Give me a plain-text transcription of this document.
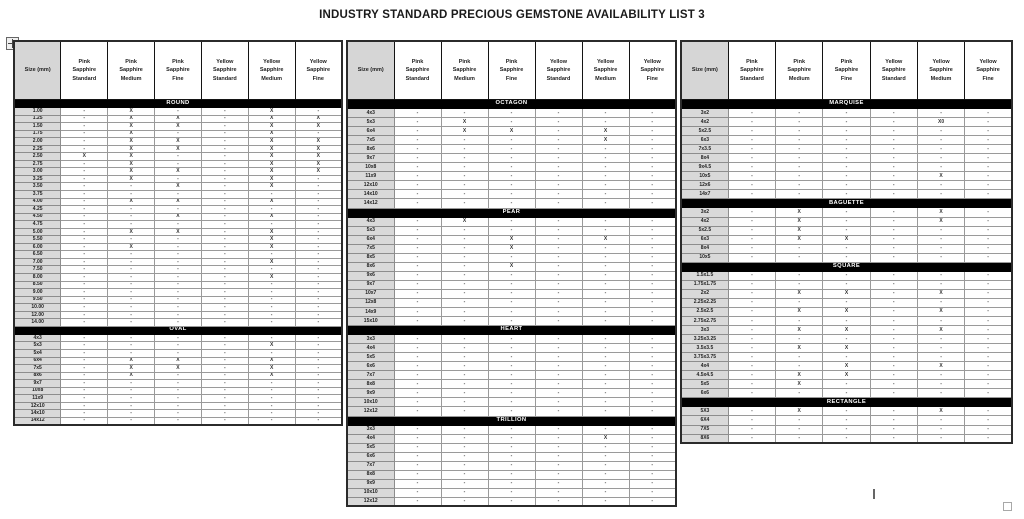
INDUSTRY STANDARD PRECIOUS GEMSTONE AVAILABILITY LIST 3
Size (mm)	Pink
Sapphire
Standard	Pink
Sapphire
Medium	Pink
Sapphire
Fine	Yellow
Sapphire
Standard	Yellow
Sapphire
Medium	Yellow
Sapphire
Fine
ROUND						
1.00	-	X	-	-	X	-
1.25	-	X	X	-	X	X
1.50	-	X	X	-	X	X
1.75	-	X	-	-	X	-
2.00	-	X	X	-	X	X
2.25	-	X	X	-	X	X
2.50	X	X	-	-	X	X
2.75	-	X	-	-	X	X
3.00	-	X	X	-	X	X
3.25	-	X	-	-	X	-
3.50	-	-	X	-	X	-
3.75	-	-	-	-	-	-
4.00	-	X	X	-	X	-
4.25	-	-	-	-	-	-
4.50	-	-	X	-	X	-
4.75	-	-	-	-	-	-
5.00	-	X	X	-	X	-
5.50	-	-	-	-	X	-
6.00	-	X	-	-	X	-
6.50	-	-	-	-	-	-
7.00	-	-	-	-	X	-
7.50	-	-	-	-	-	-
8.00	-	-	-	-	X	-
8.50	-	-	-	-	-	-
9.00	-	-	-	-	-	-
9.50	-	-	-	-	-	-
10.00	-	-	-	-	-	-
12.00	-	-	-	-	-	-
14.00	-	-	-	-	-	-
OVAL						
4x3	-	-	-	-	-	-
5x3	-	-	-	-	X	-
5x4	-	-	-	-	-	-
6x4	-	X	X	-	X	-
7x5	-	X	X	-	X	-
8x6	-	X	-	-	X	-
9x7	-	-	-	-	-	-
10x8	-	-	-	-	-	-
11x9	-	-	-	-	-	-
12x10	-	-	-	-	-	-
14x10	-	-	-	-	-	-
14x12	-	-	-	-	-	-
Size (mm)	Pink
Sapphire
Standard	Pink
Sapphire
Medium	Pink
Sapphire
Fine	Yellow
Sapphire
Standard	Yellow
Sapphire
Medium	Yellow
Sapphire
Fine
OCTAGON						
4x3	-	-	-	-	-	-
5x3	-	X	-	-	-	-
6x4	-	X	X	-	X	-
7x5	-	-	-	-	X	-
8x6	-	-	-	-	-	-
9x7	-	-	-	-	-	-
10x8	-	-	-	-	-	-
11x9	-	-	-	-	-	-
12x10	-	-	-	-	-	-
14x10	-	-	-	-	-	-
14x12	-	-	-	-	-	-
PEAR						
4x3	-	X	-	-	-	-
5x3	-	-	-	-	-	-
6x4	-	-	X	-	X	-
7x5	-	-	X	-	-	-
8x5	-	-	-	-	-	-
8x6	-	-	X	-	-	-
9x6	-	-	-	-	-	-
9x7	-	-	-	-	-	-
10x7	-	-	-	-	-	-
12x8	-	-	-	-	-	-
14x9	-	-	-	-	-	-
15x10	-	-	-	-	-	-
HEART						
3x3	-	-	-	-	-	-
4x4	-	-	-	-	-	-
5x5	-	-	-	-	-	-
6x6	-	-	-	-	-	-
7x7	-	-	-	-	-	-
8x8	-	-	-	-	-	-
9x9	-	-	-	-	-	-
10x10	-	-	-	-	-	-
12x12	-	-	-	-	-	-
TRILLION						
3x3	-	-	-	-	-	-
4x4	-	-	-	-	X	-
5x5	-	-	-	-	-	-
6x6	-	-	-	-	-	-
7x7	-	-	-	-	-	-
8x8	-	-	-	-	-	-
9x9	-	-	-	-	-	-
10x10	-	-	-	-	-	-
12x12	-	-	-	-	-	-
Size (mm)	Pink
Sapphire
Standard	Pink
Sapphire
Medium	Pink
Sapphire
Fine	Yellow
Sapphire
Standard	Yellow
Sapphire
Medium	Yellow
Sapphire
Fine
MARQUISE						
3x2	-	-	-	-	-	-
4x2	-	-	-	-	X0	-
5x2.5	-	-	-	-	-	-
6x3	-	-	-	-	-	-
7x3.5	-	-	-	-	-	-
8x4	-	-	-	-	-	-
9x4.5	-	-	-	-	-	-
10x5	-	-	-	-	X	-
12x6	-	-	-	-	-	-
14x7	-	-	-	-	-	-
BAGUETTE						
3x2	-	X	-	-	X	-
4x2	-	X	-	-	X	-
5x2.5	-	X	-	-	-	-
6x3	-	X	X	-	-	-
8x4	-	-	-	-	-	-
10x5	-	-	-	-	-	-
SQUARE						
1.5x1.5	-	-	-	-	-	-
1.75x1.75	-	-	-	-	-	-
2x2	-	X	X	-	X	-
2.25x2.25	-	-	-	-	-	-
2.5x2.5	-	X	X	-	X	-
2.75x2.75	-	-	-	-	-	-
3x3	-	X	X	-	X	-
3.25x3.25	-	-	-	-	-	-
3.5x3.5	-	X	X	-	-	-
3.75x3.75	-	-	-	-	-	-
4x4	-	-	X	-	X	-
4.5x4.5	-	X	X	-	-	-
5x5	-	X	-	-	-	-
6x6	-	-	-	-	-	-
RECTANGLE						
5X3	-	X	-	-	X	-
6X4	-	-	-	-	-	-
7X5	-	-	-	-	-	-
8X6	-	-	-	-	-	-
